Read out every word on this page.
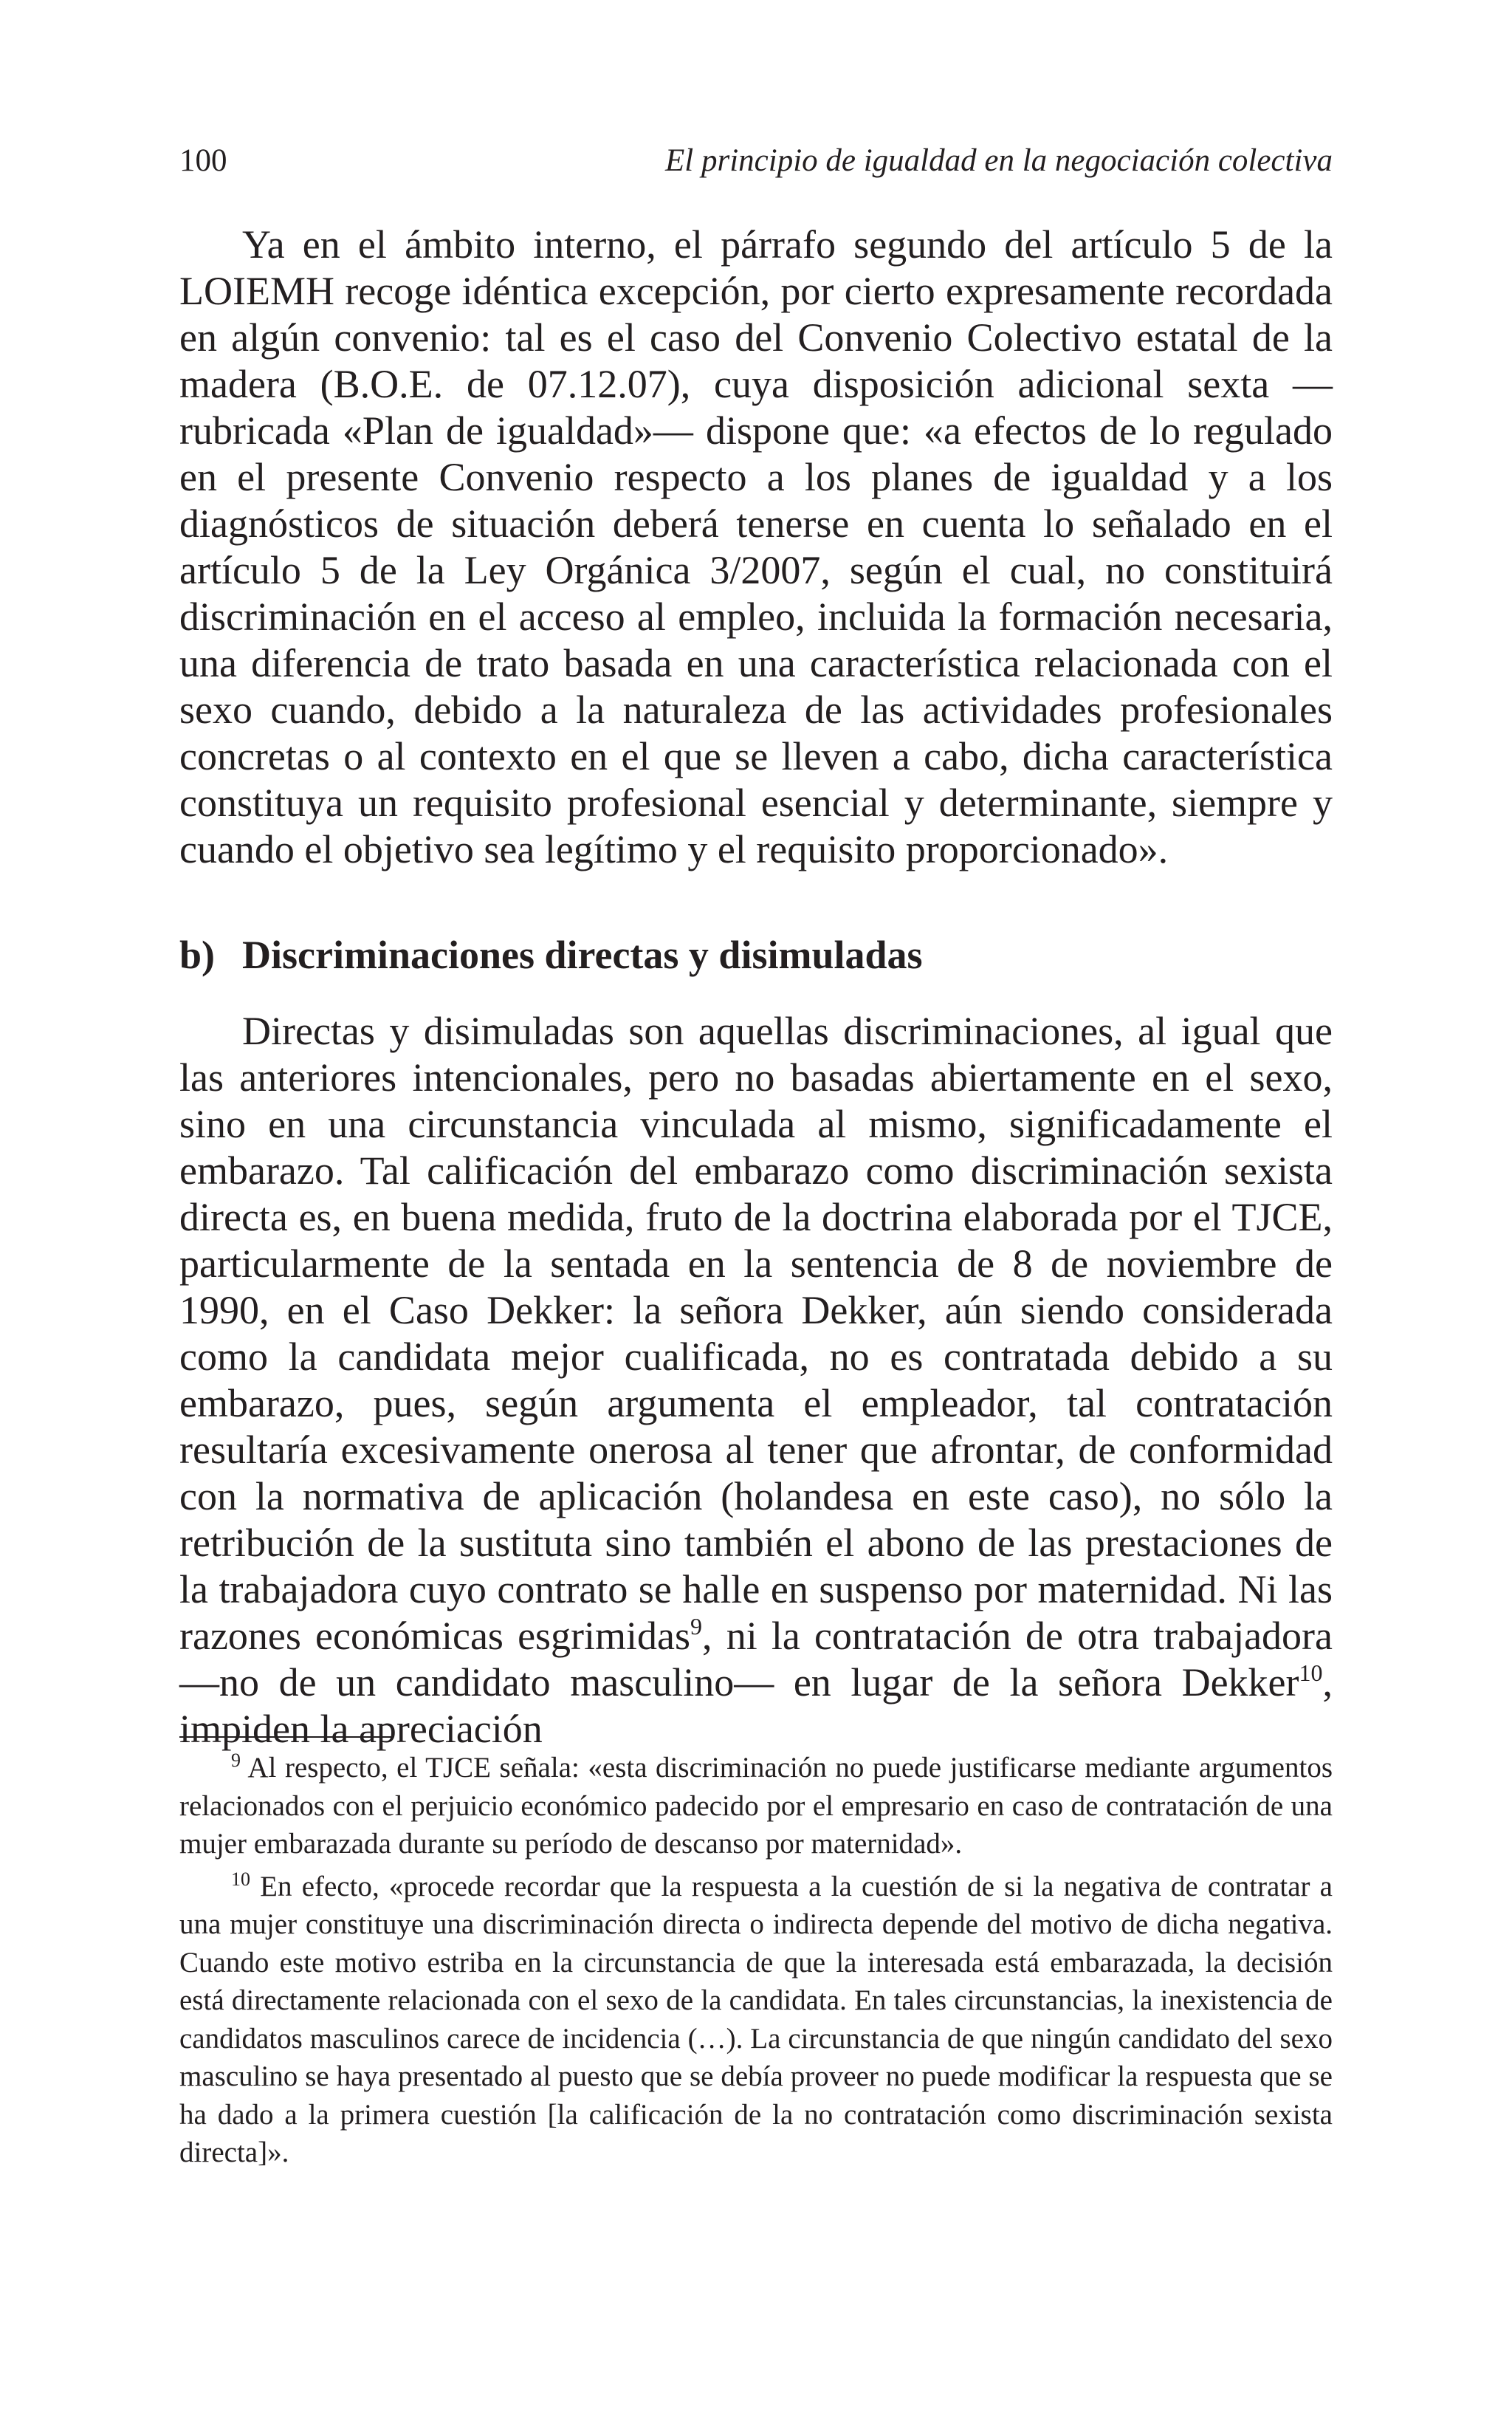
100	El principio de igualdad en la negociación colectiva

Ya en el ámbito interno, el párrafo segundo del artículo 5 de la LOIEMH recoge idéntica excepción, por cierto expresamente recordada en algún convenio: tal es el caso del Convenio Colectivo estatal de la madera (B.O.E. de 07.12.07), cuya disposición adicional sexta —rubricada «Plan de igualdad»— dispone que: «a efectos de lo regulado en el presente Convenio respecto a los planes de igualdad y a los diagnósticos de situación deberá tenerse en cuenta lo señalado en el artículo 5 de la Ley Orgánica 3/2007, según el cual, no constituirá discriminación en el acceso al empleo, incluida la formación necesaria, una diferencia de trato basada en una característica relacionada con el sexo cuando, debido a la naturaleza de las actividades profesionales concretas o al contexto en el que se lleven a cabo, dicha característica constituya un requisito profesional esencial y determinante, siempre y cuando el objetivo sea legítimo y el requisito proporcionado».

b) Discriminaciones directas y disimuladas

Directas y disimuladas son aquellas discriminaciones, al igual que las anteriores intencionales, pero no basadas abiertamente en el sexo, sino en una circunstancia vinculada al mismo, significadamente el embarazo. Tal calificación del embarazo como discriminación sexista directa es, en buena medida, fruto de la doctrina elaborada por el TJCE, particularmente de la sentada en la sentencia de 8 de noviembre de 1990, en el Caso Dekker: la señora Dekker, aún siendo considerada como la candidata mejor cualificada, no es contratada debido a su embarazo, pues, según argumenta el empleador, tal contratación resultaría excesivamente onerosa al tener que afrontar, de conformidad con la normativa de aplicación (holandesa en este caso), no sólo la retribución de la sustituta sino también el abono de las prestaciones de la trabajadora cuyo contrato se halle en suspenso por maternidad. Ni las razones económicas esgrimidas$^9$, ni la contratación de otra trabajadora —no de un candidato masculino— en lugar de la señora Dekker$^{10}$, impiden la apreciación

$^9$ Al respecto, el TJCE señala: «esta discriminación no puede justificarse mediante argumentos relacionados con el perjuicio económico padecido por el empresario en caso de contratación de una mujer embarazada durante su período de descanso por maternidad».

$^{10}$ En efecto, «procede recordar que la respuesta a la cuestión de si la negativa de contratar a una mujer constituye una discriminación directa o indirecta depende del motivo de dicha negativa. Cuando este motivo estriba en la circunstancia de que la interesada está embarazada, la decisión está directamente relacionada con el sexo de la candidata. En tales circunstancias, la inexistencia de candidatos masculinos carece de incidencia (…). La circunstancia de que ningún candidato del sexo masculino se haya presentado al puesto que se debía proveer no puede modificar la respuesta que se ha dado a la primera cuestión [la calificación de la no contratación como discriminación sexista directa]».
